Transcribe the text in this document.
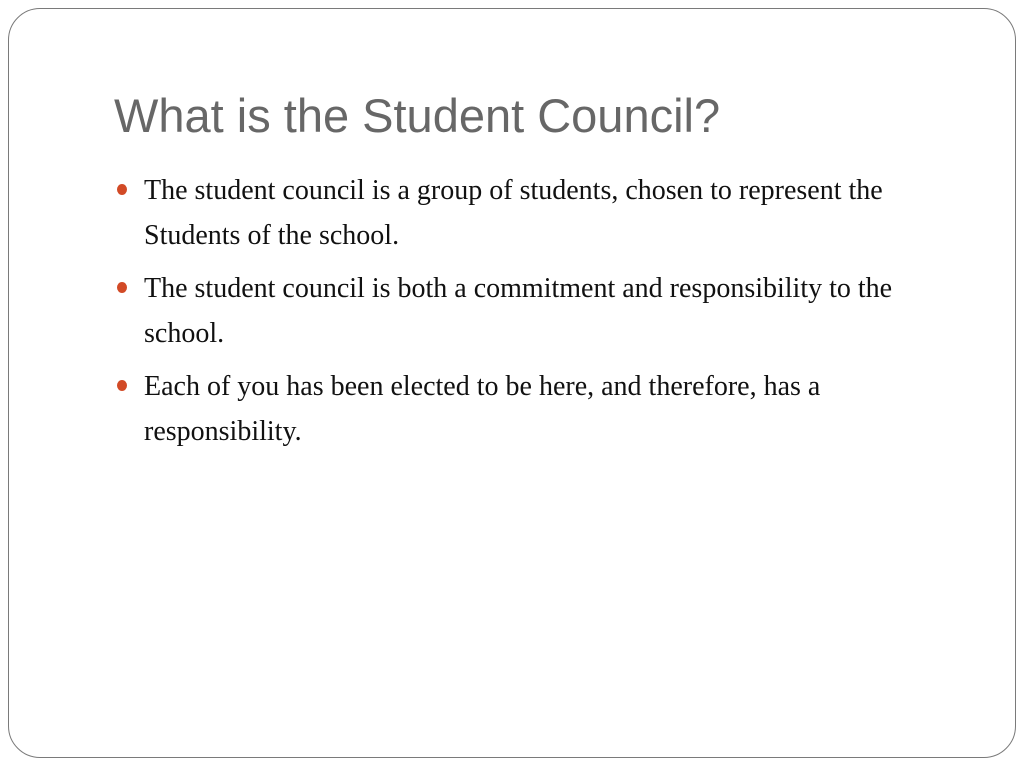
What is the Student Council?
The student council is a group of students, chosen to represent the Students of the school.
The student council is both a commitment and responsibility to the school.
Each of you has been elected to be here, and therefore, has a responsibility.
